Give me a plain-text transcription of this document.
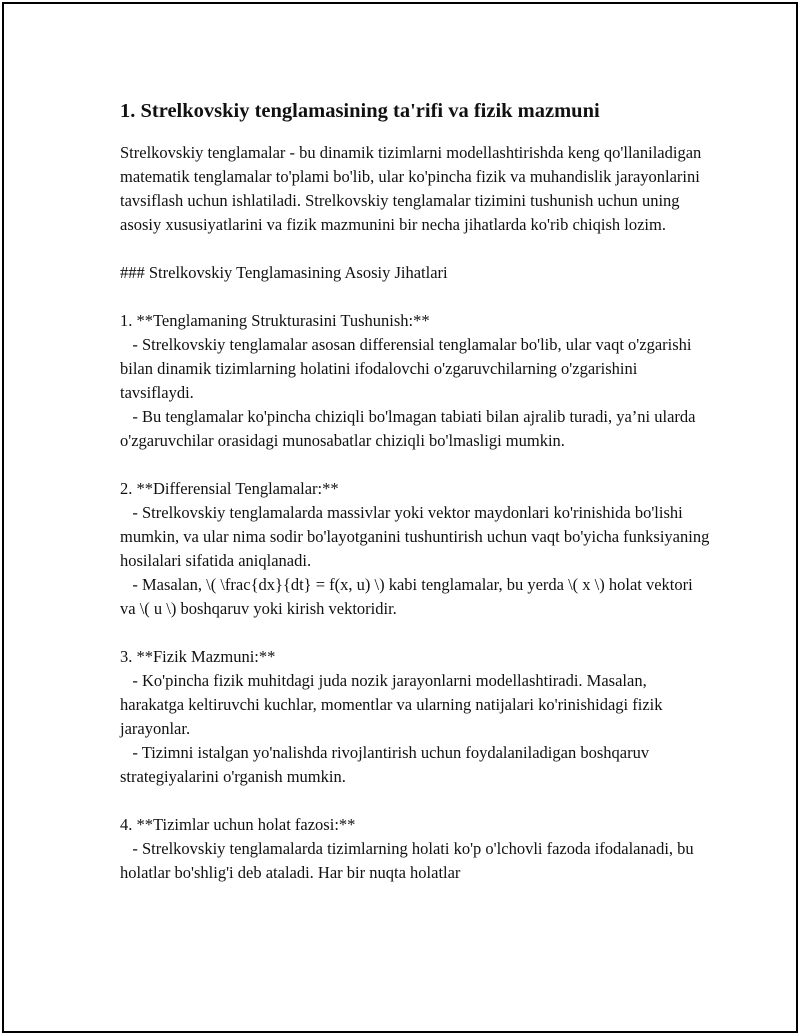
1. Strelkovskiy tenglamasining ta'rifi va fizik mazmuni
Strelkovskiy tenglamalar - bu dinamik tizimlarni modellashtirishda keng qo'llaniladigan matematik tenglamalar to'plami bo'lib, ular ko'pincha fizik va muhandislik jarayonlarini tavsiflash uchun ishlatiladi. Strelkovskiy tenglamalar tizimini tushunish uchun uning asosiy xususiyatlarini va fizik mazmunini bir necha jihatlarda ko'rib chiqish lozim.
### Strelkovskiy Tenglamasining Asosiy Jihatlari
1. **Tenglamaning Strukturasini Tushunish:**
- Strelkovskiy tenglamalar asosan differensial tenglamalar bo'lib, ular vaqt o'zgarishi bilan dinamik tizimlarning holatini ifodalovchi o'zgaruvchilarning o'zgarishini tavsiflaydi.
- Bu tenglamalar ko'pincha chiziqli bo'lmagan tabiati bilan ajralib turadi, ya’ni ularda o'zgaruvchilar orasidagi munosabatlar chiziqli bo'lmasligi mumkin.
2. **Differensial Tenglamalar:**
- Strelkovskiy tenglamalarda massivlar yoki vektor maydonlari ko'rinishida bo'lishi mumkin, va ular nima sodir bo'layotganini tushuntirish uchun vaqt bo'yicha funksiyaning hosilalari sifatida aniqlanadi.
- Masalan, \( \frac{dx}{dt} = f(x, u) \) kabi tenglamalar, bu yerda \( x \) holat vektori va \( u \) boshqaruv yoki kirish vektoridir.
3. **Fizik Mazmuni:**
- Ko'pincha fizik muhitdagi juda nozik jarayonlarni modellashtiradi. Masalan, harakatga keltiruvchi kuchlar, momentlar va ularning natijalari ko'rinishidagi fizik jarayonlar.
- Tizimni istalgan yo'nalishda rivojlantirish uchun foydalaniladigan boshqaruv strategiyalarini o'rganish mumkin.
4. **Tizimlar uchun holat fazosi:**
- Strelkovskiy tenglamalarda tizimlarning holati ko'p o'lchovli fazoda ifodalanadi, bu holatlar bo'shlig'i deb ataladi. Har bir nuqta holatlar
